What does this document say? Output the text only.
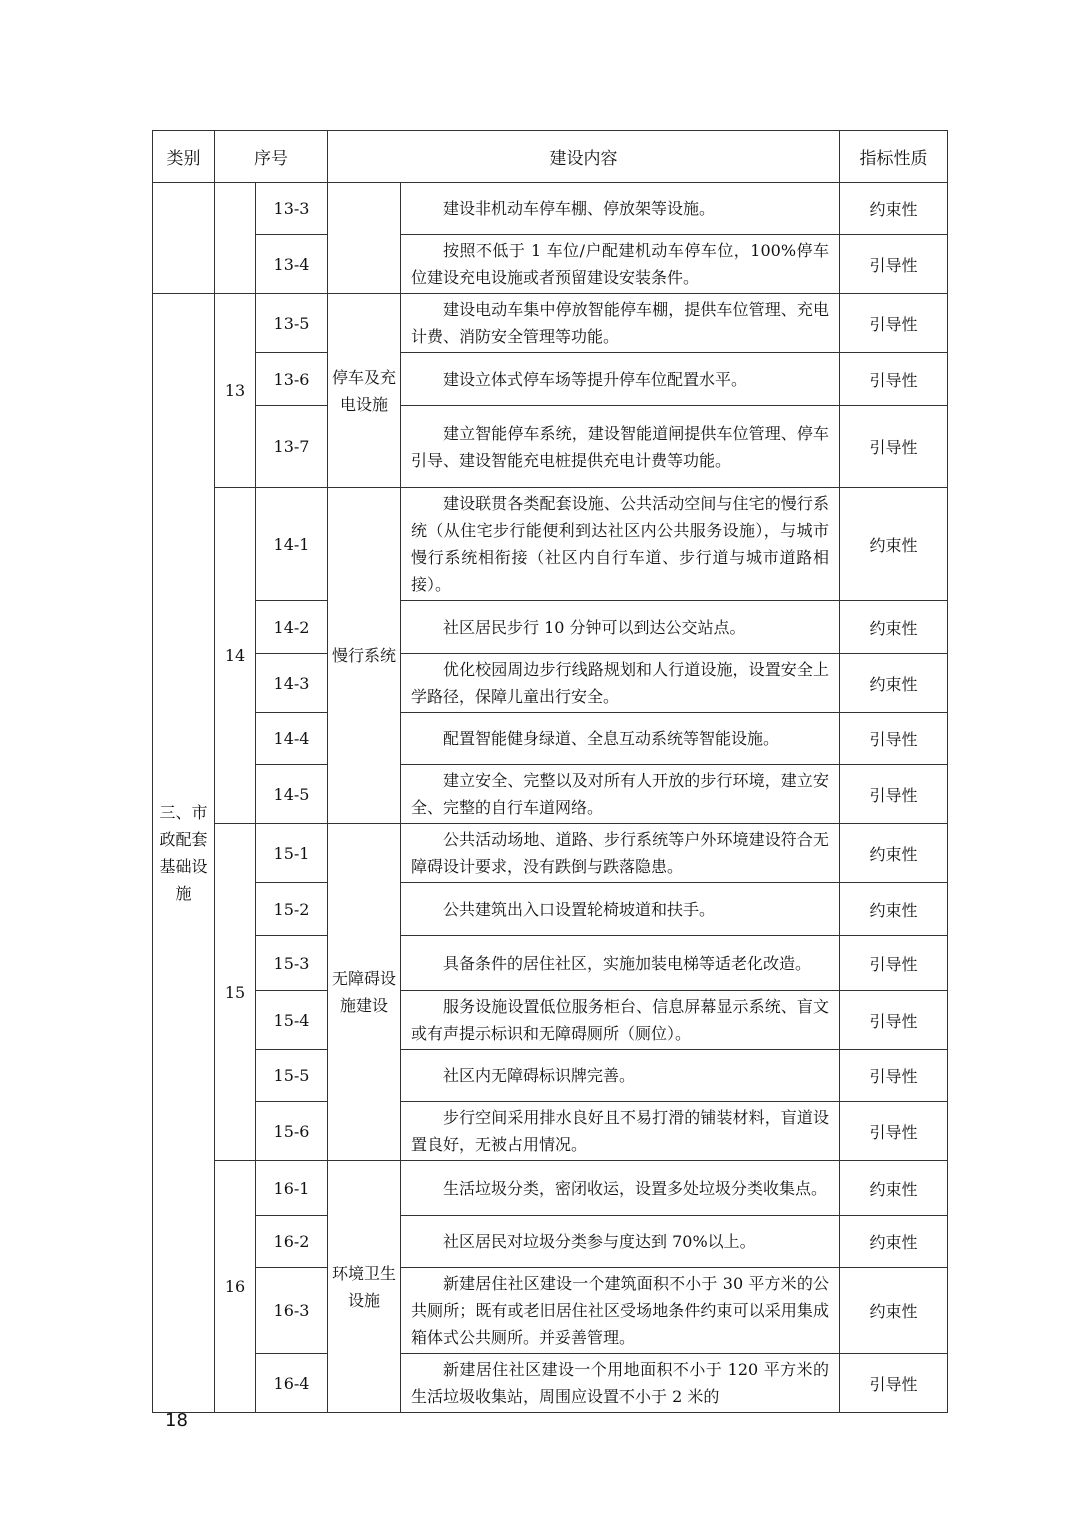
类别	序号		建设内容		指标性质
		13-3		建设非机动车停车棚、停放架等设施。	约束性
		13-4		按照不低于 1 车位/户配建机动车停车位，100%停车位建设充电设施或者预留建设安装条件。	引导性
三、市政配套基础设施	13	13-5	停车及充电设施	建设电动车集中停放智能停车棚，提供车位管理、充电计费、消防安全管理等功能。	引导性
		13-6		建设立体式停车场等提升停车位配置水平。	引导性
		13-7		建立智能停车系统，建设智能道闸提供车位管理、停车引导、建设智能充电桩提供充电计费等功能。	引导性
	14	14-1	慢行系统	建设联贯各类配套设施、公共活动空间与住宅的慢行系统（从住宅步行能便利到达社区内公共服务设施），与城市慢行系统相衔接（社区内自行车道、步行道与城市道路相接）。	约束性
		14-2		社区居民步行 10 分钟可以到达公交站点。	约束性
		14-3		优化校园周边步行线路规划和人行道设施，设置安全上学路径，保障儿童出行安全。	约束性
		14-4		配置智能健身绿道、全息互动系统等智能设施。	引导性
		14-5		建立安全、完整以及对所有人开放的步行环境，建立安全、完整的自行车道网络。	引导性
	15	15-1	无障碍设施建设	公共活动场地、道路、步行系统等户外环境建设符合无障碍设计要求，没有跌倒与跌落隐患。	约束性
		15-2		公共建筑出入口设置轮椅坡道和扶手。	约束性
		15-3		具备条件的居住社区，实施加装电梯等适老化改造。	引导性
		15-4		服务设施设置低位服务柜台、信息屏幕显示系统、盲文或有声提示标识和无障碍厕所（厕位）。	引导性
		15-5		社区内无障碍标识牌完善。	引导性
		15-6		步行空间采用排水良好且不易打滑的铺装材料，盲道设置良好，无被占用情况。	引导性
	16	16-1	环境卫生设施	生活垃圾分类，密闭收运，设置多处垃圾分类收集点。	约束性
		16-2		社区居民对垃圾分类参与度达到 70%以上。	约束性
		16-3		新建居住社区建设一个建筑面积不小于 30 平方米的公共厕所；既有或老旧居住社区受场地条件约束可以采用集成箱体式公共厕所。并妥善管理。	约束性
		16-4		新建居住社区建设一个用地面积不小于 120 平方米的生活垃圾收集站，周围应设置不小于 2 米的	引导性
18
